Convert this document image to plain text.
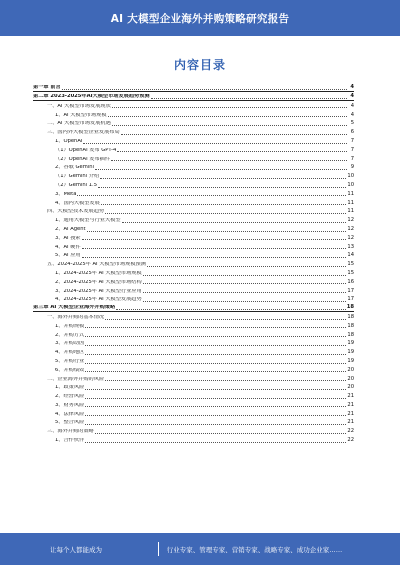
AI 大模型企业海外并购策略研究报告
内容目录
第一章 前言	4
第二章 2023-2025年AI大模型市场发展趋势预测	4
一、AI 大模型市场发展现状	4
1、AI 大模型市场规模	4
二、AI 大模型市场发展机遇	5
三、国内外大模型企业发展布局	6
1、OpenAI	7
（1）OpenAI 发布 GPT-4	7
（2）OpenAI 发布插件	7
2、谷歌 Gemini	9
（1）Gemini 介绍	10
（2）Gemini 1.5	10
3、Meta	11
4、国内大模型发展	11
四、大模型技术发展趋势	11
1、通用大模型与行业大模型	12
2、AI Agent	12
3、AI 搜索	12
4、AI 硬件	13
5、AI 应用	14
五、2024-2025年 AI 大模型市场规模预测	15
1、2024-2025年 AI 大模型市场规模	15
2、2024-2025年 AI 大模型市场结构	16
3、2024-2025年 AI 大模型行业应用	17
4、2024-2025年 AI 大模型发展趋势	17
第三章 AI 大模型企业海外并购策略	18
一、海外并购的基本情况	18
1、并购规模	18
2、并购方式	18
3、并购动因	19
4、并购地区	19
5、并购行业	19
6、并购绩效	20
二、企业海外并购的风险	20
1、政策风险	20
2、经营风险	21
3、财务风险	21
4、法律风险	21
5、整合风险	21
三、海外并购的策略	22
1、合作伙伴	22
让每个人都能成为	行业专家、管理专家、营销专家、战略专家、成功企业家……
